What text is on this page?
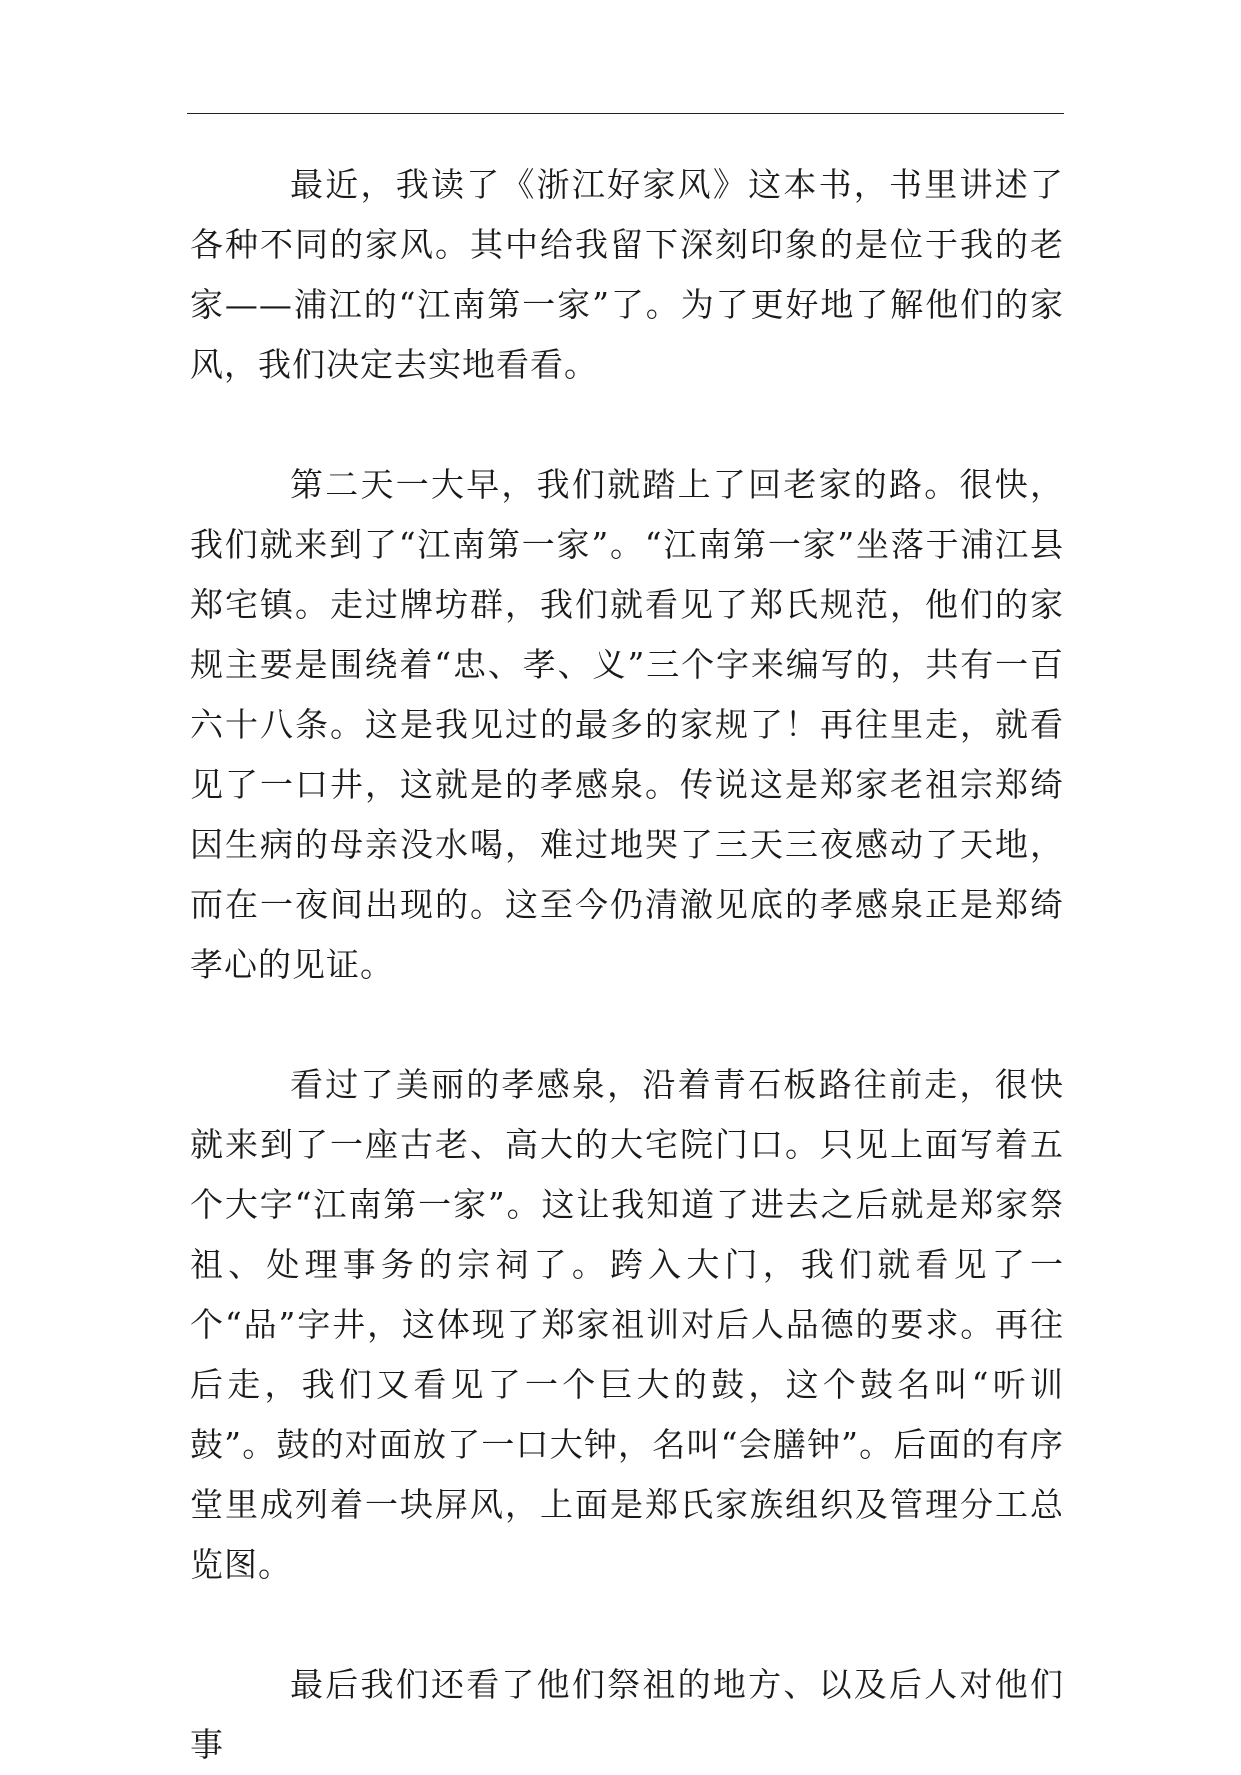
最近，我读了《浙江好家风》这本书，书里讲述了各种不同的家风。其中给我留下深刻印象的是位于我的老家——浦江的“江南第一家”了。为了更好地了解他们的家风，我们决定去实地看看。

第二天一大早，我们就踏上了回老家的路。很快，我们就来到了“江南第一家”。“江南第一家”坐落于浦江县郑宅镇。走过牌坊群，我们就看见了郑氏规范，他们的家规主要是围绕着“忠、孝、义”三个字来编写的，共有一百六十八条。这是我见过的最多的家规了！再往里走，就看见了一口井，这就是的孝感泉。传说这是郑家老祖宗郑绮因生病的母亲没水喝，难过地哭了三天三夜感动了天地，而在一夜间出现的。这至今仍清澈见底的孝感泉正是郑绮孝心的见证。

看过了美丽的孝感泉，沿着青石板路往前走，很快就来到了一座古老、高大的大宅院门口。只见上面写着五个大字“江南第一家”。这让我知道了进去之后就是郑家祭祖、处理事务的宗祠了。跨入大门，我们就看见了一个“品”字井，这体现了郑家祖训对后人品德的要求。再往后走，我们又看见了一个巨大的鼓，这个鼓名叫“听训鼓”。鼓的对面放了一口大钟，名叫“会膳钟”。后面的有序堂里成列着一块屏风，上面是郑氏家族组织及管理分工总览图。

最后我们还看了他们祭祖的地方、以及后人对他们事
